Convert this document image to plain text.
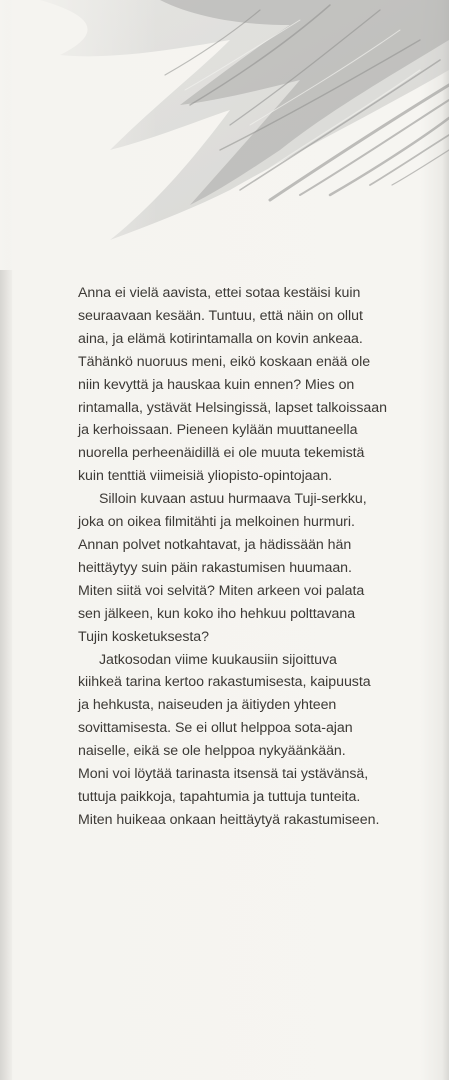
Anna ei vielä aavista, ettei sotaa kestäisi kuin
seuraavaan kesään. Tuntuu, että näin on ollut
aina, ja elämä kotirintamalla on kovin ankeaa.
Tähänkö nuoruus meni, eikö koskaan enää ole
niin kevyttä ja hauskaa kuin ennen? Mies on
rintamalla, ystävät Helsingissä, lapset talkoissaan
ja kerhoissaan. Pieneen kylään muuttaneella
nuorella perheenäidillä ei ole muuta tekemistä
kuin tenttiä viimeisiä yliopisto-opintojaan.

Silloin kuvaan astuu hurmaava Tuji-serkku,
joka on oikea filmitähti ja melkoinen hurmuri.
Annan polvet notkahtavat, ja hädissään hän
heittäytyy suin päin rakastumisen huumaan.
Miten siitä voi selvitä? Miten arkeen voi palata
sen jälkeen, kun koko iho hehkuu polttavana
Tujin kosketuksesta?

Jatkosodan viime kuukausiin sijoittuva
kiihkeä tarina kertoo rakastumisesta, kaipuusta
ja hehkusta, naiseuden ja äitiyden yhteen
sovittamisesta. Se ei ollut helppoa sota-ajan
naiselle, eikä se ole helppoa nykyäänkään.
Moni voi löytää tarinasta itsensä tai ystävänsä,
tuttuja paikkoja, tapahtumia ja tuttuja tunteita.
Miten huikeaa onkaan heittäytyä rakastumiseen.
